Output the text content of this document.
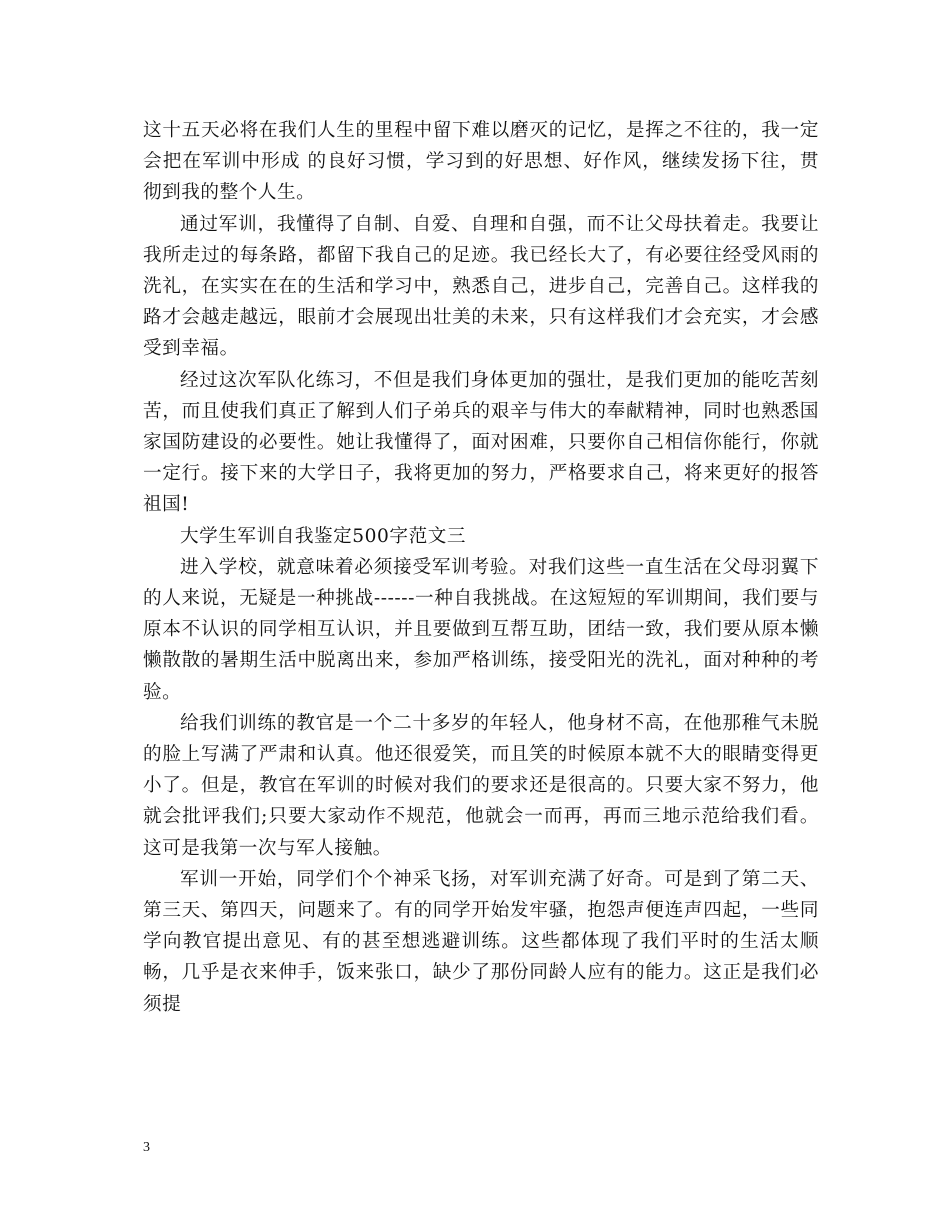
这十五天必将在我们人生的里程中留下难以磨灭的记忆，是挥之不往的，我一定会把在军训中形成 的良好习惯，学习到的好思想、好作风，继续发扬下往，贯彻到我的整个人生。

通过军训，我懂得了自制、自爱、自理和自强，而不让父母扶着走。我要让我所走过的每条路，都留下我自己的足迹。我已经长大了，有必要往经受风雨的洗礼，在实实在在的生活和学习中，熟悉自己，进步自己，完善自己。这样我的路才会越走越远，眼前才会展现出壮美的未来，只有这样我们才会充实，才会感受到幸福。

经过这次军队化练习，不但是我们身体更加的强壮，是我们更加的能吃苦刻苦，而且使我们真正了解到人们子弟兵的艰辛与伟大的奉献精神，同时也熟悉国家国防建设的必要性。她让我懂得了，面对困难，只要你自己相信你能行，你就一定行。接下来的大学日子，我将更加的努力，严格要求自己，将来更好的报答祖国!

大学生军训自我鉴定500字范文三

进入学校，就意味着必须接受军训考验。对我们这些一直生活在父母羽翼下的人来说，无疑是一种挑战------一种自我挑战。在这短短的军训期间，我们要与原本不认识的同学相互认识，并且要做到互帮互助，团结一致，我们要从原本懒懒散散的暑期生活中脱离出来，参加严格训练，接受阳光的洗礼，面对种种的考验。

给我们训练的教官是一个二十多岁的年轻人，他身材不高，在他那稚气未脱的脸上写满了严肃和认真。他还很爱笑，而且笑的时候原本就不大的眼睛变得更小了。但是，教官在军训的时候对我们的要求还是很高的。只要大家不努力，他就会批评我们;只要大家动作不规范，他就会一而再，再而三地示范给我们看。这可是我第一次与军人接触。

军训一开始，同学们个个神采飞扬，对军训充满了好奇。可是到了第二天、第三天、第四天，问题来了。有的同学开始发牢骚，抱怨声便连声四起，一些同学向教官提出意见、有的甚至想逃避训练。这些都体现了我们平时的生活太顺畅，几乎是衣来伸手，饭来张口，缺少了那份同龄人应有的能力。这正是我们必须提

3
